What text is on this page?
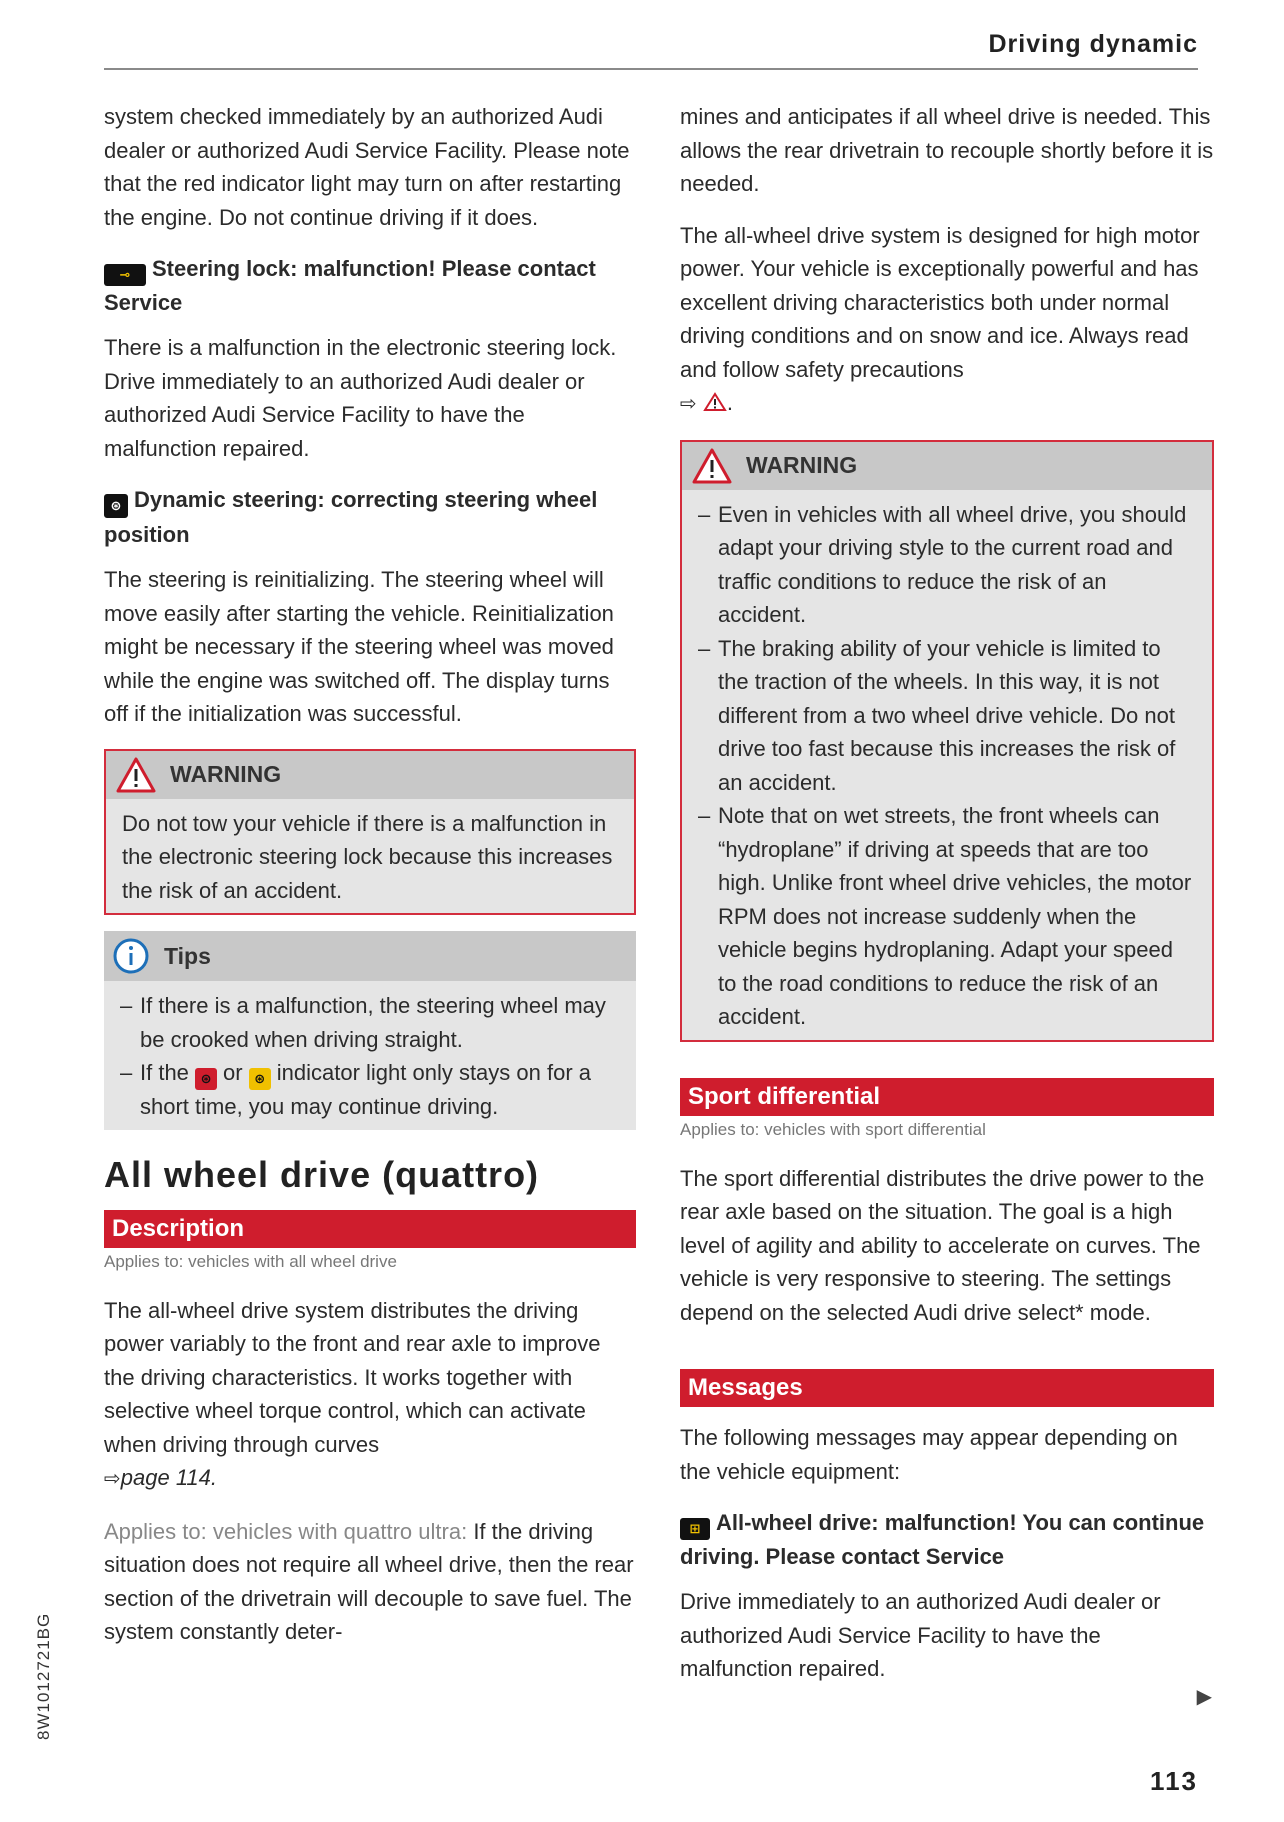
Driving dynamic

system checked immediately by an authorized Audi dealer or authorized Audi Service Facility. Please note that the red indicator light may turn on after restarting the engine. Do not continue driving if it does.

⊸ Steering lock: malfunction! Please contact Service

There is a malfunction in the electronic steering lock. Drive immediately to an authorized Audi dealer or authorized Audi Service Facility to have the malfunction repaired.

⊛ Dynamic steering: correcting steering wheel position

The steering is reinitializing. The steering wheel will move easily after starting the vehicle. Reinitialization might be necessary if the steering wheel was moved while the engine was switched off. The display turns off if the initialization was successful.

WARNING
Do not tow your vehicle if there is a malfunction in the electronic steering lock because this increases the risk of an accident.
Tips
– If there is a malfunction, the steering wheel may be crooked when driving straight.
– If the ⊛ or ⊛ indicator light only stays on for a short time, you may continue driving.
All wheel drive (quattro)
Description
Applies to: vehicles with all wheel drive

The all-wheel drive system distributes the driving power variably to the front and rear axle to improve the driving characteristics. It works together with selective wheel torque control, which can activate when driving through curves
⇨page 114.

Applies to: vehicles with quattro ultra: If the driving situation does not require all wheel drive, then the rear section of the drivetrain will decouple to save fuel. The system constantly deter-

mines and anticipates if all wheel drive is needed. This allows the rear drivetrain to recouple shortly before it is needed.

The all-wheel drive system is designed for high motor power. Your vehicle is exceptionally powerful and has excellent driving characteristics both under normal driving conditions and on snow and ice. Always read and follow safety precautions
⇨ .

WARNING
– Even in vehicles with all wheel drive, you should adapt your driving style to the current road and traffic conditions to reduce the risk of an accident.
– The braking ability of your vehicle is limited to the traction of the wheels. In this way, it is not different from a two wheel drive vehicle. Do not drive too fast because this increases the risk of an accident.
– Note that on wet streets, the front wheels can “hydroplane” if driving at speeds that are too high. Unlike front wheel drive vehicles, the motor RPM does not increase suddenly when the vehicle begins hydroplaning. Adapt your speed to the road conditions to reduce the risk of an accident.
Sport differential
Applies to: vehicles with sport differential

The sport differential distributes the drive power to the rear axle based on the situation. The goal is a high level of agility and ability to accelerate on curves. The vehicle is very responsive to steering. The settings depend on the selected Audi drive select* mode.

Messages

The following messages may appear depending on the vehicle equipment:

⊞ All-wheel drive: malfunction! You can continue driving. Please contact Service

Drive immediately to an authorized Audi dealer or authorized Audi Service Facility to have the malfunction repaired.

▶
8W1012721BG
113
